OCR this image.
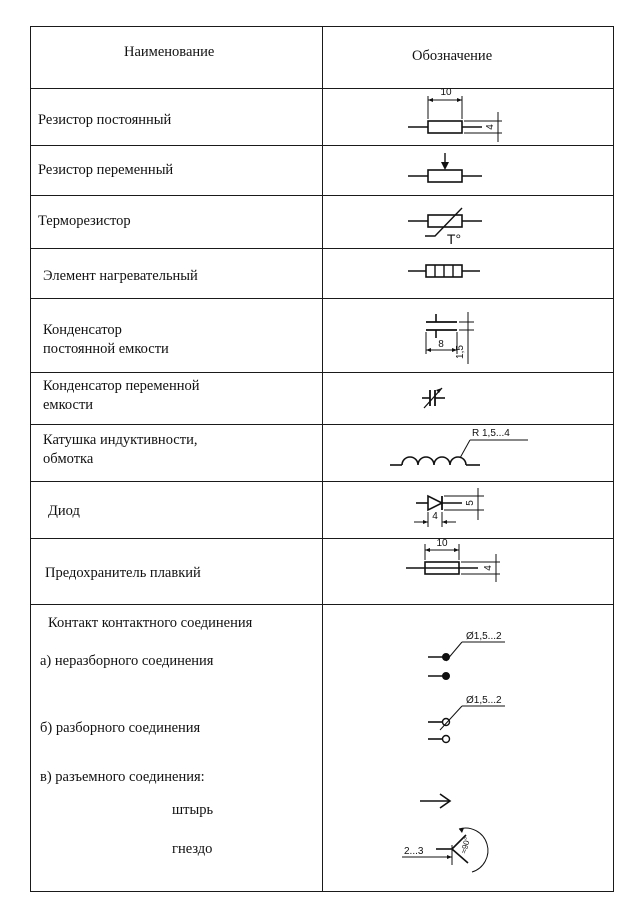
Наименование	Обозначение
Резистор постоянный
Резистор переменный
Терморезистор
Элемент нагревательный
Конденсатор
постоянной емкости
Конденсатор переменной
емкости
Катушка индуктивности,
обмотка
Диод
Предохранитель плавкий
Контакт контактного соединения
а) неразборного соединения
б) разборного соединения
в) разъемного соединения:
штырь
гнездо
10
4
T°
8
1,5
R 1,5...4
5
4
10
4
Ø1,5...2
Ø1,5...2
2...3	≈90°
